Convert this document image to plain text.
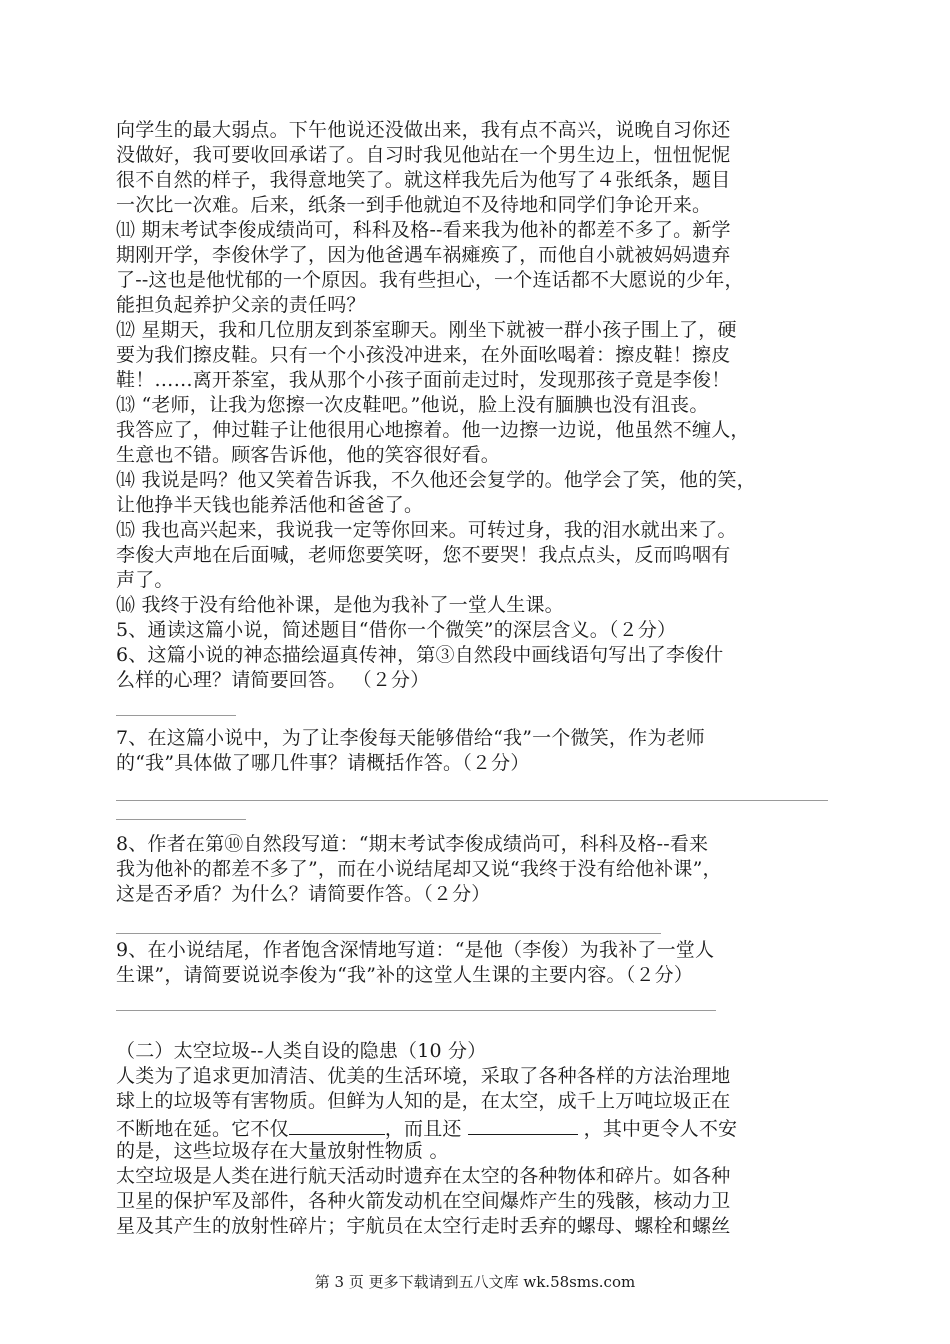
向学生的最大弱点。下午他说还没做出来，我有点不高兴，说晚自习你还
没做好，我可要收回承诺了。自习时我见他站在一个男生边上，忸忸怩怩
很不自然的样子，我得意地笑了。就这样我先后为他写了４张纸条，题目
一次比一次难。后来，纸条一到手他就迫不及待地和同学们争论开来。
⑾ 期末考试李俊成绩尚可，科科及格--看来我为他补的都差不多了。新学
期刚开学，李俊休学了，因为他爸遇车祸瘫痪了，而他自小就被妈妈遗弃
了--这也是他忧郁的一个原因。我有些担心，一个连话都不大愿说的少年，
能担负起养护父亲的责任吗？
⑿ 星期天，我和几位朋友到茶室聊天。刚坐下就被一群小孩子围上了，硬
要为我们擦皮鞋。只有一个小孩没冲进来，在外面吆喝着：擦皮鞋！擦皮
鞋！……离开茶室，我从那个小孩子面前走过时，发现那孩子竟是李俊！
⒀ “老师，让我为您擦一次皮鞋吧。”他说，脸上没有腼腆也没有沮丧。
我答应了，伸过鞋子让他很用心地擦着。他一边擦一边说，他虽然不缠人，
生意也不错。顾客告诉他，他的笑容很好看。
⒁ 我说是吗？他又笑着告诉我，不久他还会复学的。他学会了笑，他的笑，
让他挣半天钱也能养活他和爸爸了。
⒂ 我也高兴起来，我说我一定等你回来。可转过身，我的泪水就出来了。
李俊大声地在后面喊，老师您要笑呀，您不要哭！我点点头，反而呜咽有
声了。
⒃ 我终于没有给他补课，是他为我补了一堂人生课。
5、通读这篇小说，简述题目“借你一个微笑”的深层含义。（２分）
6、这篇小说的神态描绘逼真传神，第③自然段中画线语句写出了李俊什
么样的心理？请简要回答。 （２分）
7、在这篇小说中，为了让李俊每天能够借给“我”一个微笑，作为老师
的“我”具体做了哪几件事？请概括作答。（２分）
8、作者在第⑩自然段写道：“期末考试李俊成绩尚可，科科及格--看来
我为他补的都差不多了”，而在小说结尾却又说“我终于没有给他补课”，
这是否矛盾？为什么？请简要作答。（２分）
9、在小说结尾，作者饱含深情地写道：“是他（李俊）为我补了一堂人
生课”，请简要说说李俊为“我”补的这堂人生课的主要内容。（２分）
（二）太空垃圾--人类自设的隐患（10 分）
人类为了追求更加清洁、优美的生活环境，采取了各种各样的方法治理地
球上的垃圾等有害物质。但鲜为人知的是，在太空，成千上万吨垃圾正在
不断地在延。它不仅	，而且还	，其中更令人不安
的是，这些垃圾存在大量放射性物质 。
太空垃圾是人类在进行航天活动时遗弃在太空的各种物体和碎片。如各种
卫星的保护军及部件，各种火箭发动机在空间爆炸产生的残骸，核动力卫
星及其产生的放射性碎片；宇航员在太空行走时丢弃的螺母、螺栓和螺丝
第 3 页 更多下载请到五八文库 wk.58sms.com
